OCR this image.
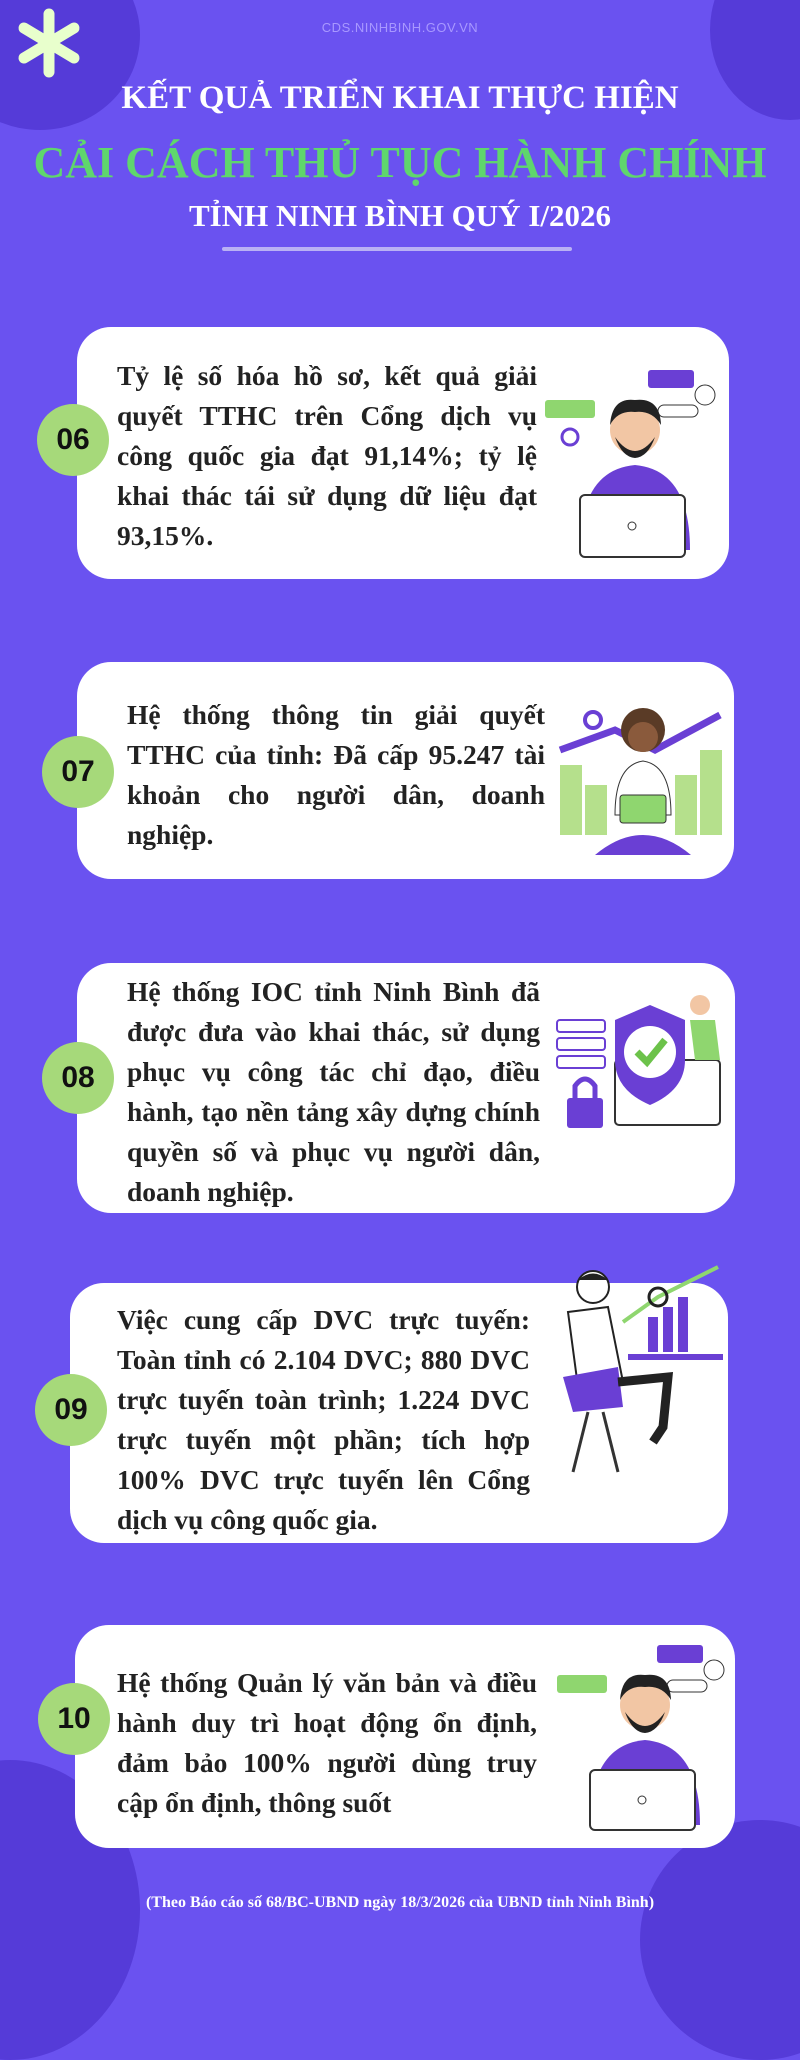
CDS.NINHBINH.GOV.VN
KẾT QUẢ TRIỂN KHAI THỰC HIỆN
CẢI CÁCH THỦ TỤC HÀNH CHÍNH
TỈNH NINH BÌNH QUÝ I/2026
06
Tỷ lệ số hóa hồ sơ, kết quả giải quyết TTHC trên Cổng dịch vụ công quốc gia đạt 91,14%; tỷ lệ khai thác tái sử dụng dữ liệu đạt 93,15%.
07
Hệ thống thông tin giải quyết TTHC của tỉnh: Đã cấp 95.247 tài khoản cho người dân, doanh nghiệp.
08
Hệ thống IOC tỉnh Ninh Bình đã được đưa vào khai thác, sử dụng phục vụ công tác chỉ đạo, điều hành, tạo nền tảng xây dựng chính quyền số và phục vụ người dân, doanh nghiệp.
09
Việc cung cấp DVC trực tuyến: Toàn tỉnh có 2.104 DVC; 880 DVC trực tuyến toàn trình; 1.224 DVC trực tuyến một phần; tích hợp 100% DVC trực tuyến lên Cổng dịch vụ công quốc gia.
10
Hệ thống Quản lý văn bản và điều hành duy trì hoạt động ổn định, đảm bảo 100% người dùng truy cập ổn định, thông suốt
(Theo Báo cáo số 68/BC-UBND ngày 18/3/2026 của UBND tỉnh Ninh Bình)
